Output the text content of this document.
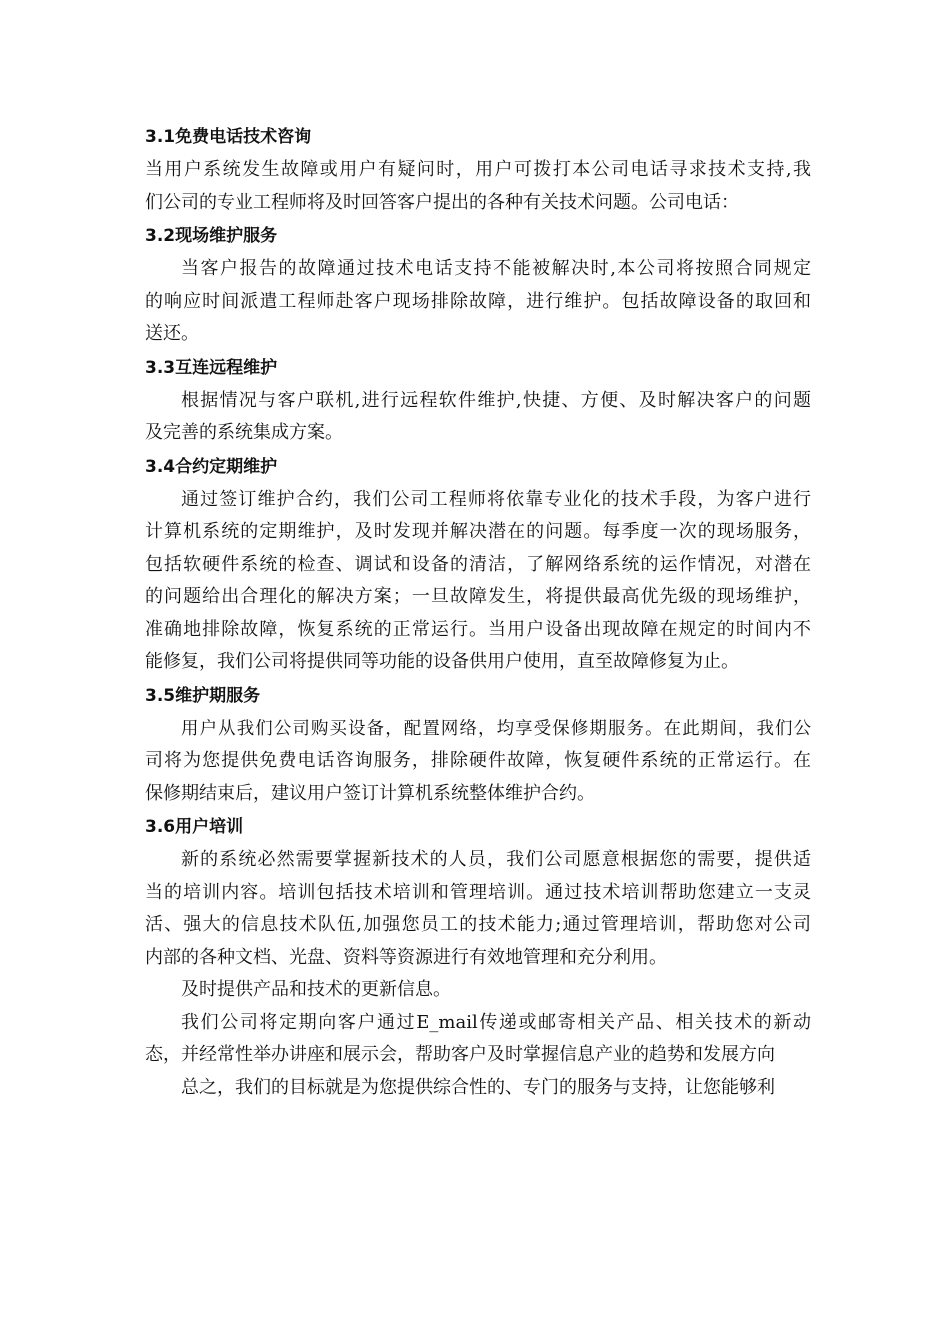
3.1免费电话技术咨询

当用户系统发生故障或用户有疑问时，用户可拨打本公司电话寻求技术支持,我
们公司的专业工程师将及时回答客户提出的各种有关技术问题。公司电话：

3.2现场维护服务

当客户报告的故障通过技术电话支持不能被解决时,本公司将按照合同规定
的响应时间派遣工程师赴客户现场排除故障，进行维护。包括故障设备的取回和
送还。

3.3互连远程维护

根据情况与客户联机,进行远程软件维护,快捷、方便、及时解决客户的问题
及完善的系统集成方案。

3.4合约定期维护

通过签订维护合约，我们公司工程师将依靠专业化的技术手段，为客户进行
计算机系统的定期维护，及时发现并解决潜在的问题。每季度一次的现场服务，
包括软硬件系统的检查、调试和设备的清洁，了解网络系统的运作情况，对潜在
的问题给出合理化的解决方案；一旦故障发生，将提供最高优先级的现场维护，
准确地排除故障，恢复系统的正常运行。当用户设备出现故障在规定的时间内不
能修复，我们公司将提供同等功能的设备供用户使用，直至故障修复为止。

3.5维护期服务

用户从我们公司购买设备，配置网络，均享受保修期服务。在此期间，我们公
司将为您提供免费电话咨询服务，排除硬件故障，恢复硬件系统的正常运行。在
保修期结束后，建议用户签订计算机系统整体维护合约。

3.6用户培训

新的系统必然需要掌握新技术的人员，我们公司愿意根据您的需要，提供适
当的培训内容。培训包括技术培训和管理培训。通过技术培训帮助您建立一支灵
活、强大的信息技术队伍,加强您员工的技术能力;通过管理培训，帮助您对公司
内部的各种文档、光盘、资料等资源进行有效地管理和充分利用。

及时提供产品和技术的更新信息。

我们公司将定期向客户通过E_mail传递或邮寄相关产品、相关技术的新动
态，并经常性举办讲座和展示会，帮助客户及时掌握信息产业的趋势和发展方向

总之，我们的目标就是为您提供综合性的、专门的服务与支持，让您能够利
